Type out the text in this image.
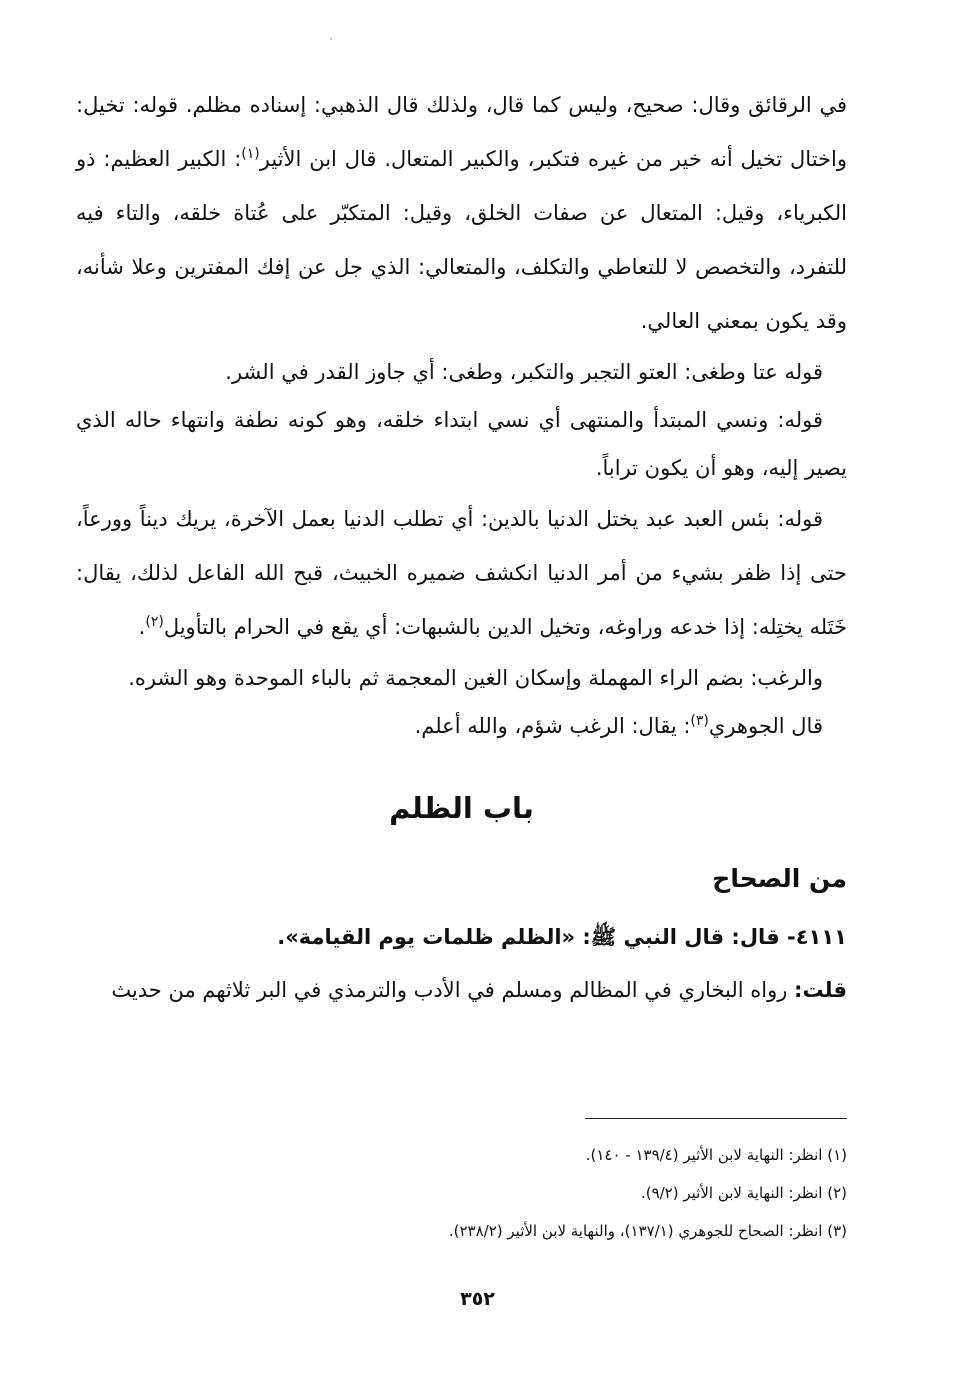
في الرقائق وقال: صحيح، وليس كما قال، ولذلك قال الذهبي: إسناده مظلم. قوله: تخيل: واختال تخيل أنه خير من غيره فتكبر، والكبير المتعال. قال ابن الأثير$^{(١)}$: الكبير العظيم: ذو الكبرياء، وقيل: المتعال عن صفات الخلق، وقيل: المتكبّر على عُتاة خلقه، والتاء فيه للتفرد، والتخصص لا للتعاطي والتكلف، والمتعالي: الذي جل عن إفك المفترين وعلا شأنه، وقد يكون بمعني العالي.

قوله عتا وطغى: العتو التجبر والتكبر، وطغى: أي جاوز القدر في الشر.

قوله: ونسي المبتدأ والمنتهى أي نسي ابتداء خلقه، وهو كونه نطفة وانتهاء حاله الذي يصير إليه، وهو أن يكون تراباً.

قوله: بئس العبد عبد يختل الدنيا بالدين: أي تطلب الدنيا بعمل الآخرة، يريك ديناً وورعاً، حتى إذا ظفر بشيء من أمر الدنيا انكشف ضميره الخبيث، قبح الله الفاعل لذلك، يقال: خَتَله يختِله: إذا خدعه وراوغه، وتخيل الدين بالشبهات: أي يقع في الحرام بالتأويل$^{(٢)}$.

والرغب: بضم الراء المهملة وإسكان الغين المعجمة ثم بالباء الموحدة وهو الشره.

قال الجوهري$^{(٣)}$: يقال: الرغب شؤم، والله أعلم.

باب الظلم
من الصحاح

٤١١١- قال: قال النبي ﷺ: «الظلم ظلمات يوم القيامة».

قلت: رواه البخاري في المظالم ومسلم في الأدب والترمذي في البر ثلاثهم من حديث

(١) انظر: النهاية لابن الأثير (١٣٩/٤ - ١٤٠).

(٢) انظر: النهاية لابن الأثير (٩/٢).

(٣) انظر: الصحاح للجوهري (١٣٧/١)، والنهاية لابن الأثير (٢٣٨/٢).

٣٥٢
